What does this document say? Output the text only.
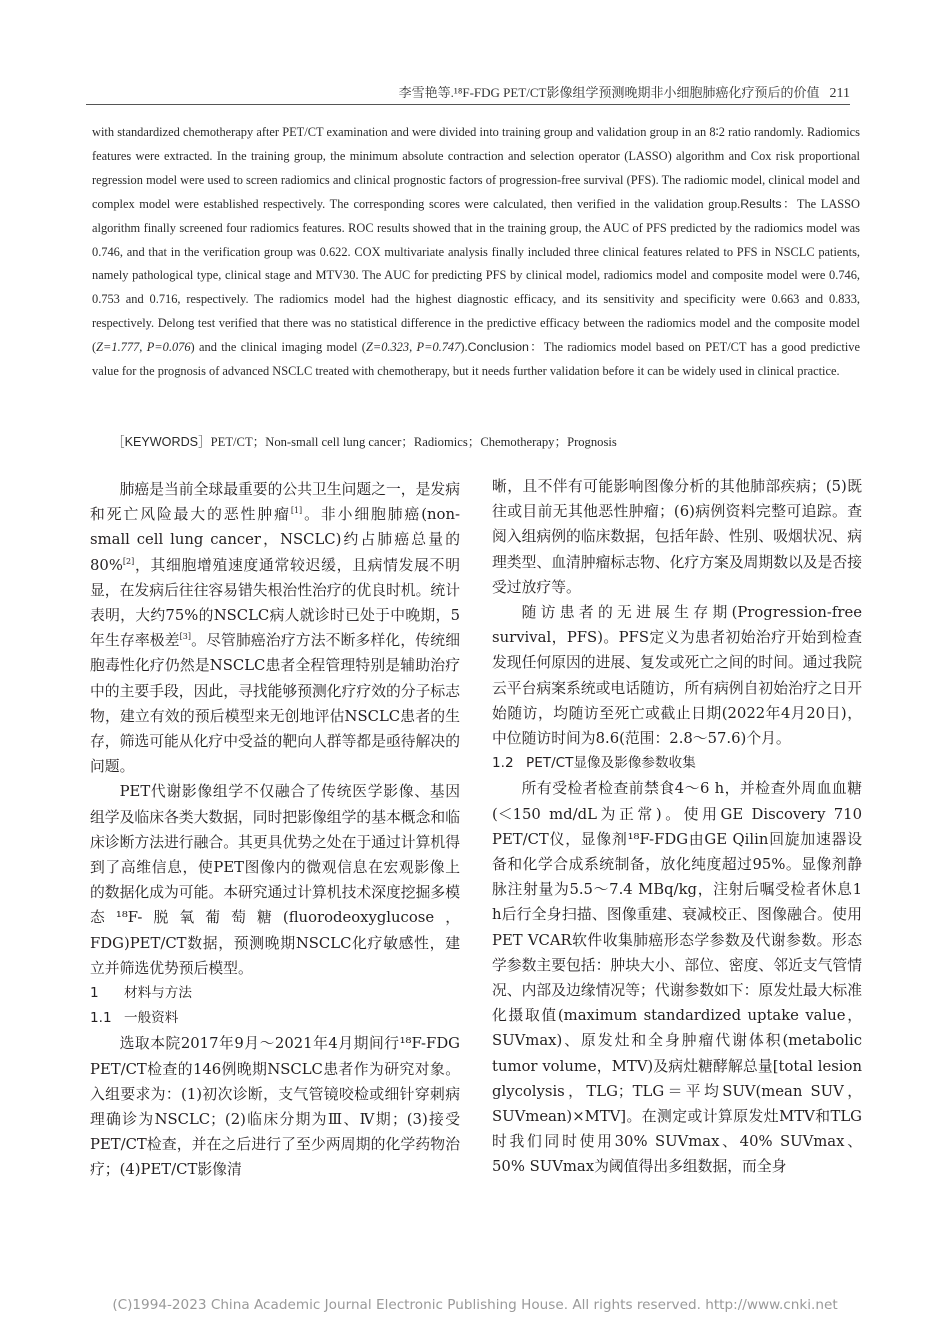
李雪艳等.¹⁸F-FDG PET/CT影像组学预测晚期非小细胞肺癌化疗预后的价值 211
with standardized chemotherapy after PET/CT examination and were divided into training group and validation group in an 8∶2 ratio randomly. Radiomics features were extracted. In the training group, the minimum absolute contraction and selection operator (LASSO) algorithm and Cox risk proportional regression model were used to screen radiomics and clinical prognostic factors of progression-free survival (PFS). The radiomic model, clinical model and complex model were established respectively. The corresponding scores were calculated, then verified in the validation group.Results：The LASSO algorithm finally screened four radiomics features. ROC results showed that in the training group, the AUC of PFS predicted by the radiomics model was 0.746, and that in the verification group was 0.622. COX multivariate analysis finally included three clinical features related to PFS in NSCLC patients, namely pathological type, clinical stage and MTV30. The AUC for predicting PFS by clinical model, radiomics model and composite model were 0.746, 0.753 and 0.716, respectively. The radiomics model had the highest diagnostic efficacy, and its sensitivity and specificity were 0.663 and 0.833, respectively. Delong test verified that there was no statistical difference in the predictive efficacy between the radiomics model and the composite model (Z=1.777, P=0.076) and the clinical imaging model (Z=0.323, P=0.747).Conclusion：The radiomics model based on PET/CT has a good predictive value for the prognosis of advanced NSCLC treated with chemotherapy, but it needs further validation before it can be widely used in clinical practice.
［KEYWORDS］PET/CT；Non-small cell lung cancer；Radiomics；Chemotherapy；Prognosis

肺癌是当前全球最重要的公共卫生问题之一，是发病和死亡风险最大的恶性肿瘤[1]。非小细胞肺癌(non-small cell lung cancer，NSCLC)约占肺癌总量的80%[2]，其细胞增殖速度通常较迟缓，且病情发展不明显，在发病后往往容易错失根治性治疗的优良时机。统计表明，大约75%的NSCLC病人就诊时已处于中晚期，5年生存率极差[3]。尽管肺癌治疗方法不断多样化，传统细胞毒性化疗仍然是NSCLC患者全程管理特别是辅助治疗中的主要手段，因此，寻找能够预测化疗疗效的分子标志物，建立有效的预后模型来无创地评估NSCLC患者的生存，筛选可能从化疗中受益的靶向人群等都是亟待解决的问题。

PET代谢影像组学不仅融合了传统医学影像、基因组学及临床各类大数据，同时把影像组学的基本概念和临床诊断方法进行融合。其更具优势之处在于通过计算机得到了高维信息，使PET图像内的微观信息在宏观影像上的数据化成为可能。本研究通过计算机技术深度挖掘多模态¹⁸F-脱氧葡萄糖(fluorodeoxyglucose，FDG)PET/CT数据，预测晚期NSCLC化疗敏感性，建立并筛选优势预后模型。

1 材料与方法
1.1 一般资料

选取本院2017年9月～2021年4月期间行¹⁸F-FDG PET/CT检查的146例晚期NSCLC患者作为研究对象。入组要求为：(1)初次诊断，支气管镜咬检或细针穿刺病理确诊为NSCLC；(2)临床分期为Ⅲ、Ⅳ期；(3)接受PET/CT检查，并在之后进行了至少两周期的化学药物治疗；(4)PET/CT影像清

晰，且不伴有可能影响图像分析的其他肺部疾病；(5)既往或目前无其他恶性肿瘤；(6)病例资料完整可追踪。查阅入组病例的临床数据，包括年龄、性别、吸烟状况、病理类型、血清肿瘤标志物、化疗方案及周期数以及是否接受过放疗等。

随访患者的无进展生存期(Progression-free survival，PFS)。PFS定义为患者初始治疗开始到检查发现任何原因的进展、复发或死亡之间的时间。通过我院云平台病案系统或电话随访，所有病例自初始治疗之日开始随访，均随访至死亡或截止日期(2022年4月20日)，中位随访时间为8.6(范围：2.8～57.6)个月。

1.2 PET/CT显像及影像参数收集

所有受检者检查前禁食4～6 h，并检查外周血血糖(＜150 md/dL为正常)。使用GE Discovery 710 PET/CT仪，显像剂¹⁸F-FDG由GE Qilin回旋加速器设备和化学合成系统制备，放化纯度超过95%。显像剂静脉注射量为5.5～7.4 MBq/kg，注射后嘱受检者休息1 h后行全身扫描、图像重建、衰减校正、图像融合。使用PET VCAR软件收集肺癌形态学参数及代谢参数。形态学参数主要包括：肿块大小、部位、密度、邻近支气管情况、内部及边缘情况等；代谢参数如下：原发灶最大标准化摄取值(maximum standardized uptake value，SUVmax)、原发灶和全身肿瘤代谢体积(metabolic tumor volume，MTV)及病灶糖酵解总量[total lesion glycolysis，TLG；TLG＝平均SUV(mean SUV，SUVmean)×MTV]。在测定或计算原发灶MTV和TLG时我们同时使用30% SUVmax、40% SUVmax、50% SUVmax为阈值得出多组数据，而全身

(C)1994-2023 China Academic Journal Electronic Publishing House. All rights reserved. http://www.cnki.net
